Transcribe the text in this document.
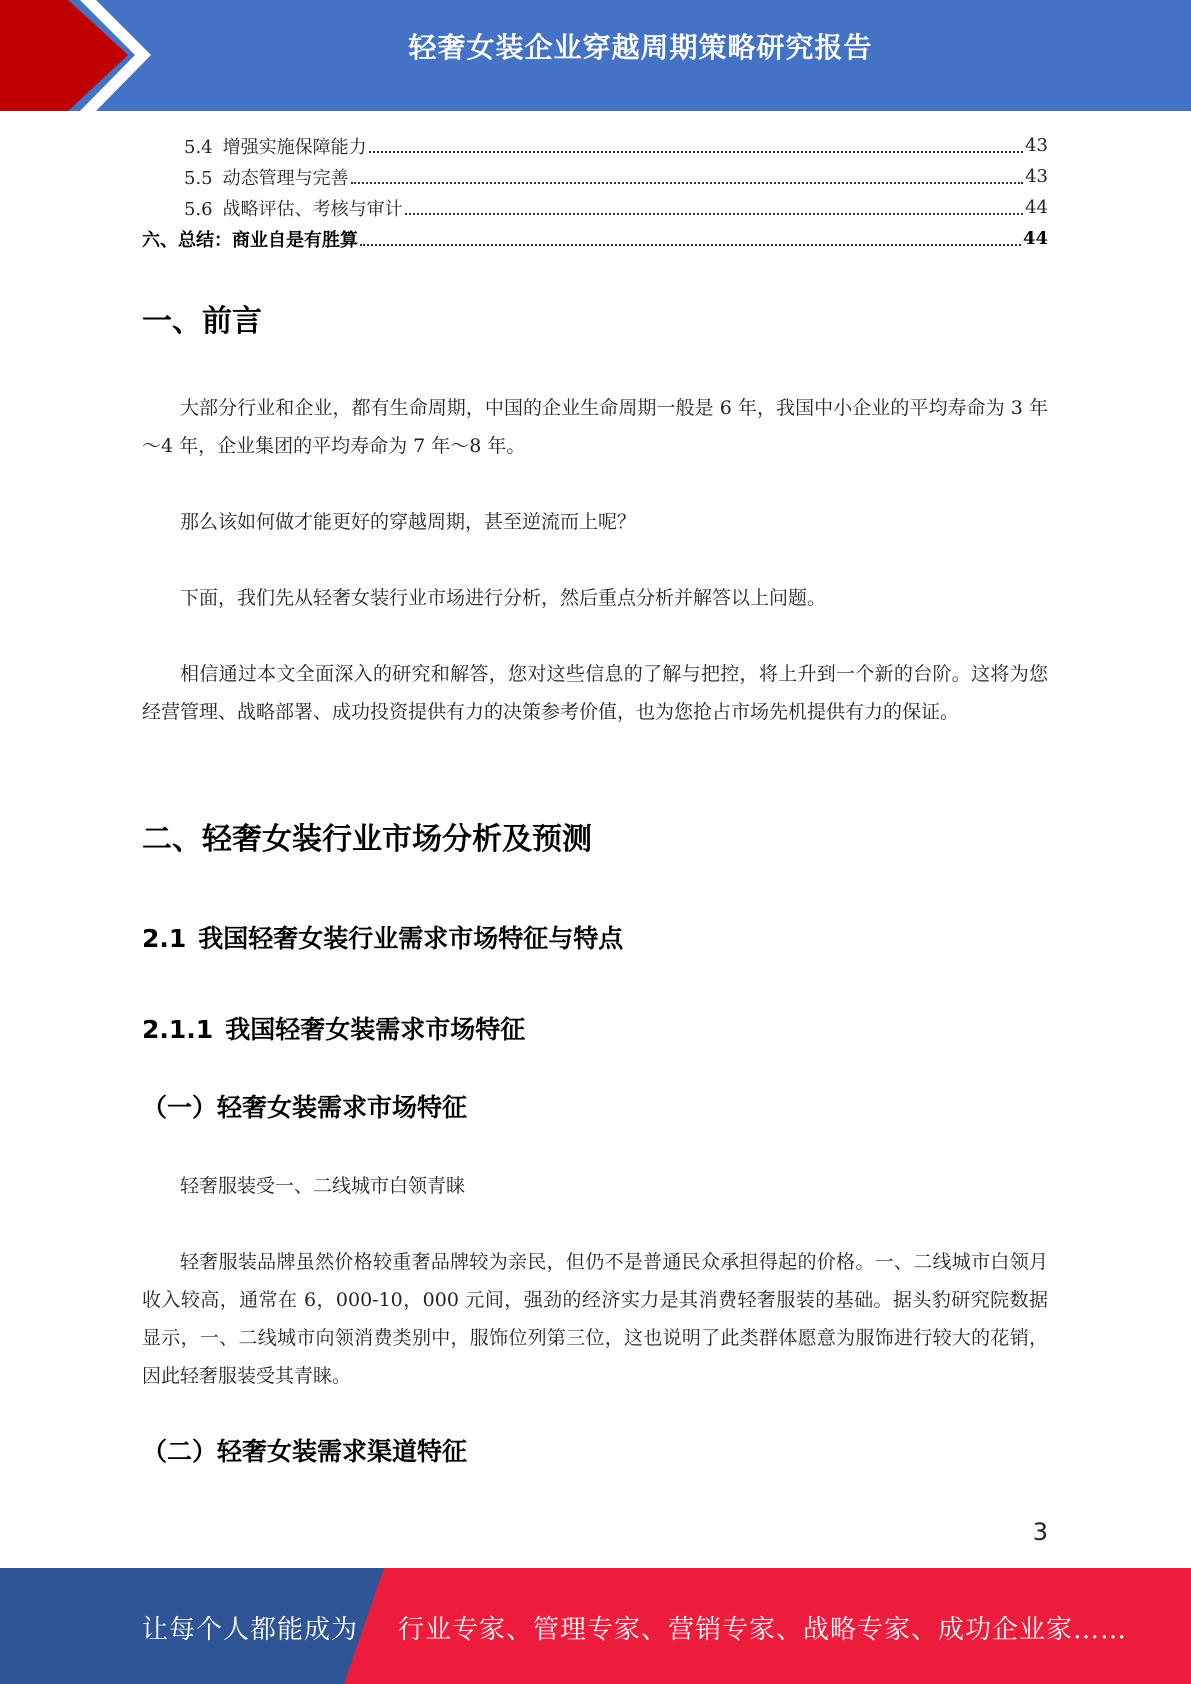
轻奢女装企业穿越周期策略研究报告
5.4 增强实施保障能力	43
5.5 动态管理与完善	43
5.6 战略评估、考核与审计	44
六、总结：商业自是有胜算	44
一、前言

大部分行业和企业，都有生命周期，中国的企业生命周期一般是 6 年，我国中小企业的平均寿命为 3 年～4 年，企业集团的平均寿命为 7 年～8 年。

那么该如何做才能更好的穿越周期，甚至逆流而上呢？

下面，我们先从轻奢女装行业市场进行分析，然后重点分析并解答以上问题。

相信通过本文全面深入的研究和解答，您对这些信息的了解与把控，将上升到一个新的台阶。这将为您经营管理、战略部署、成功投资提供有力的决策参考价值，也为您抢占市场先机提供有力的保证。

二、轻奢女装行业市场分析及预测
2.1 我国轻奢女装行业需求市场特征与特点
2.1.1 我国轻奢女装需求市场特征
（一）轻奢女装需求市场特征

轻奢服装受一、二线城市白领青睐

轻奢服装品牌虽然价格较重奢品牌较为亲民，但仍不是普通民众承担得起的价格。一、二线城市白领月收入较高，通常在 6，000-10，000 元间，强劲的经济实力是其消费轻奢服装的基础。据头豹研究院数据显示，一、二线城市向领消费类别中，服饰位列第三位，这也说明了此类群体愿意为服饰进行较大的花销，因此轻奢服装受其青睐。

（二）轻奢女装需求渠道特征
3
让每个人都能成为 行业专家、管理专家、营销专家、战略专家、成功企业家……
